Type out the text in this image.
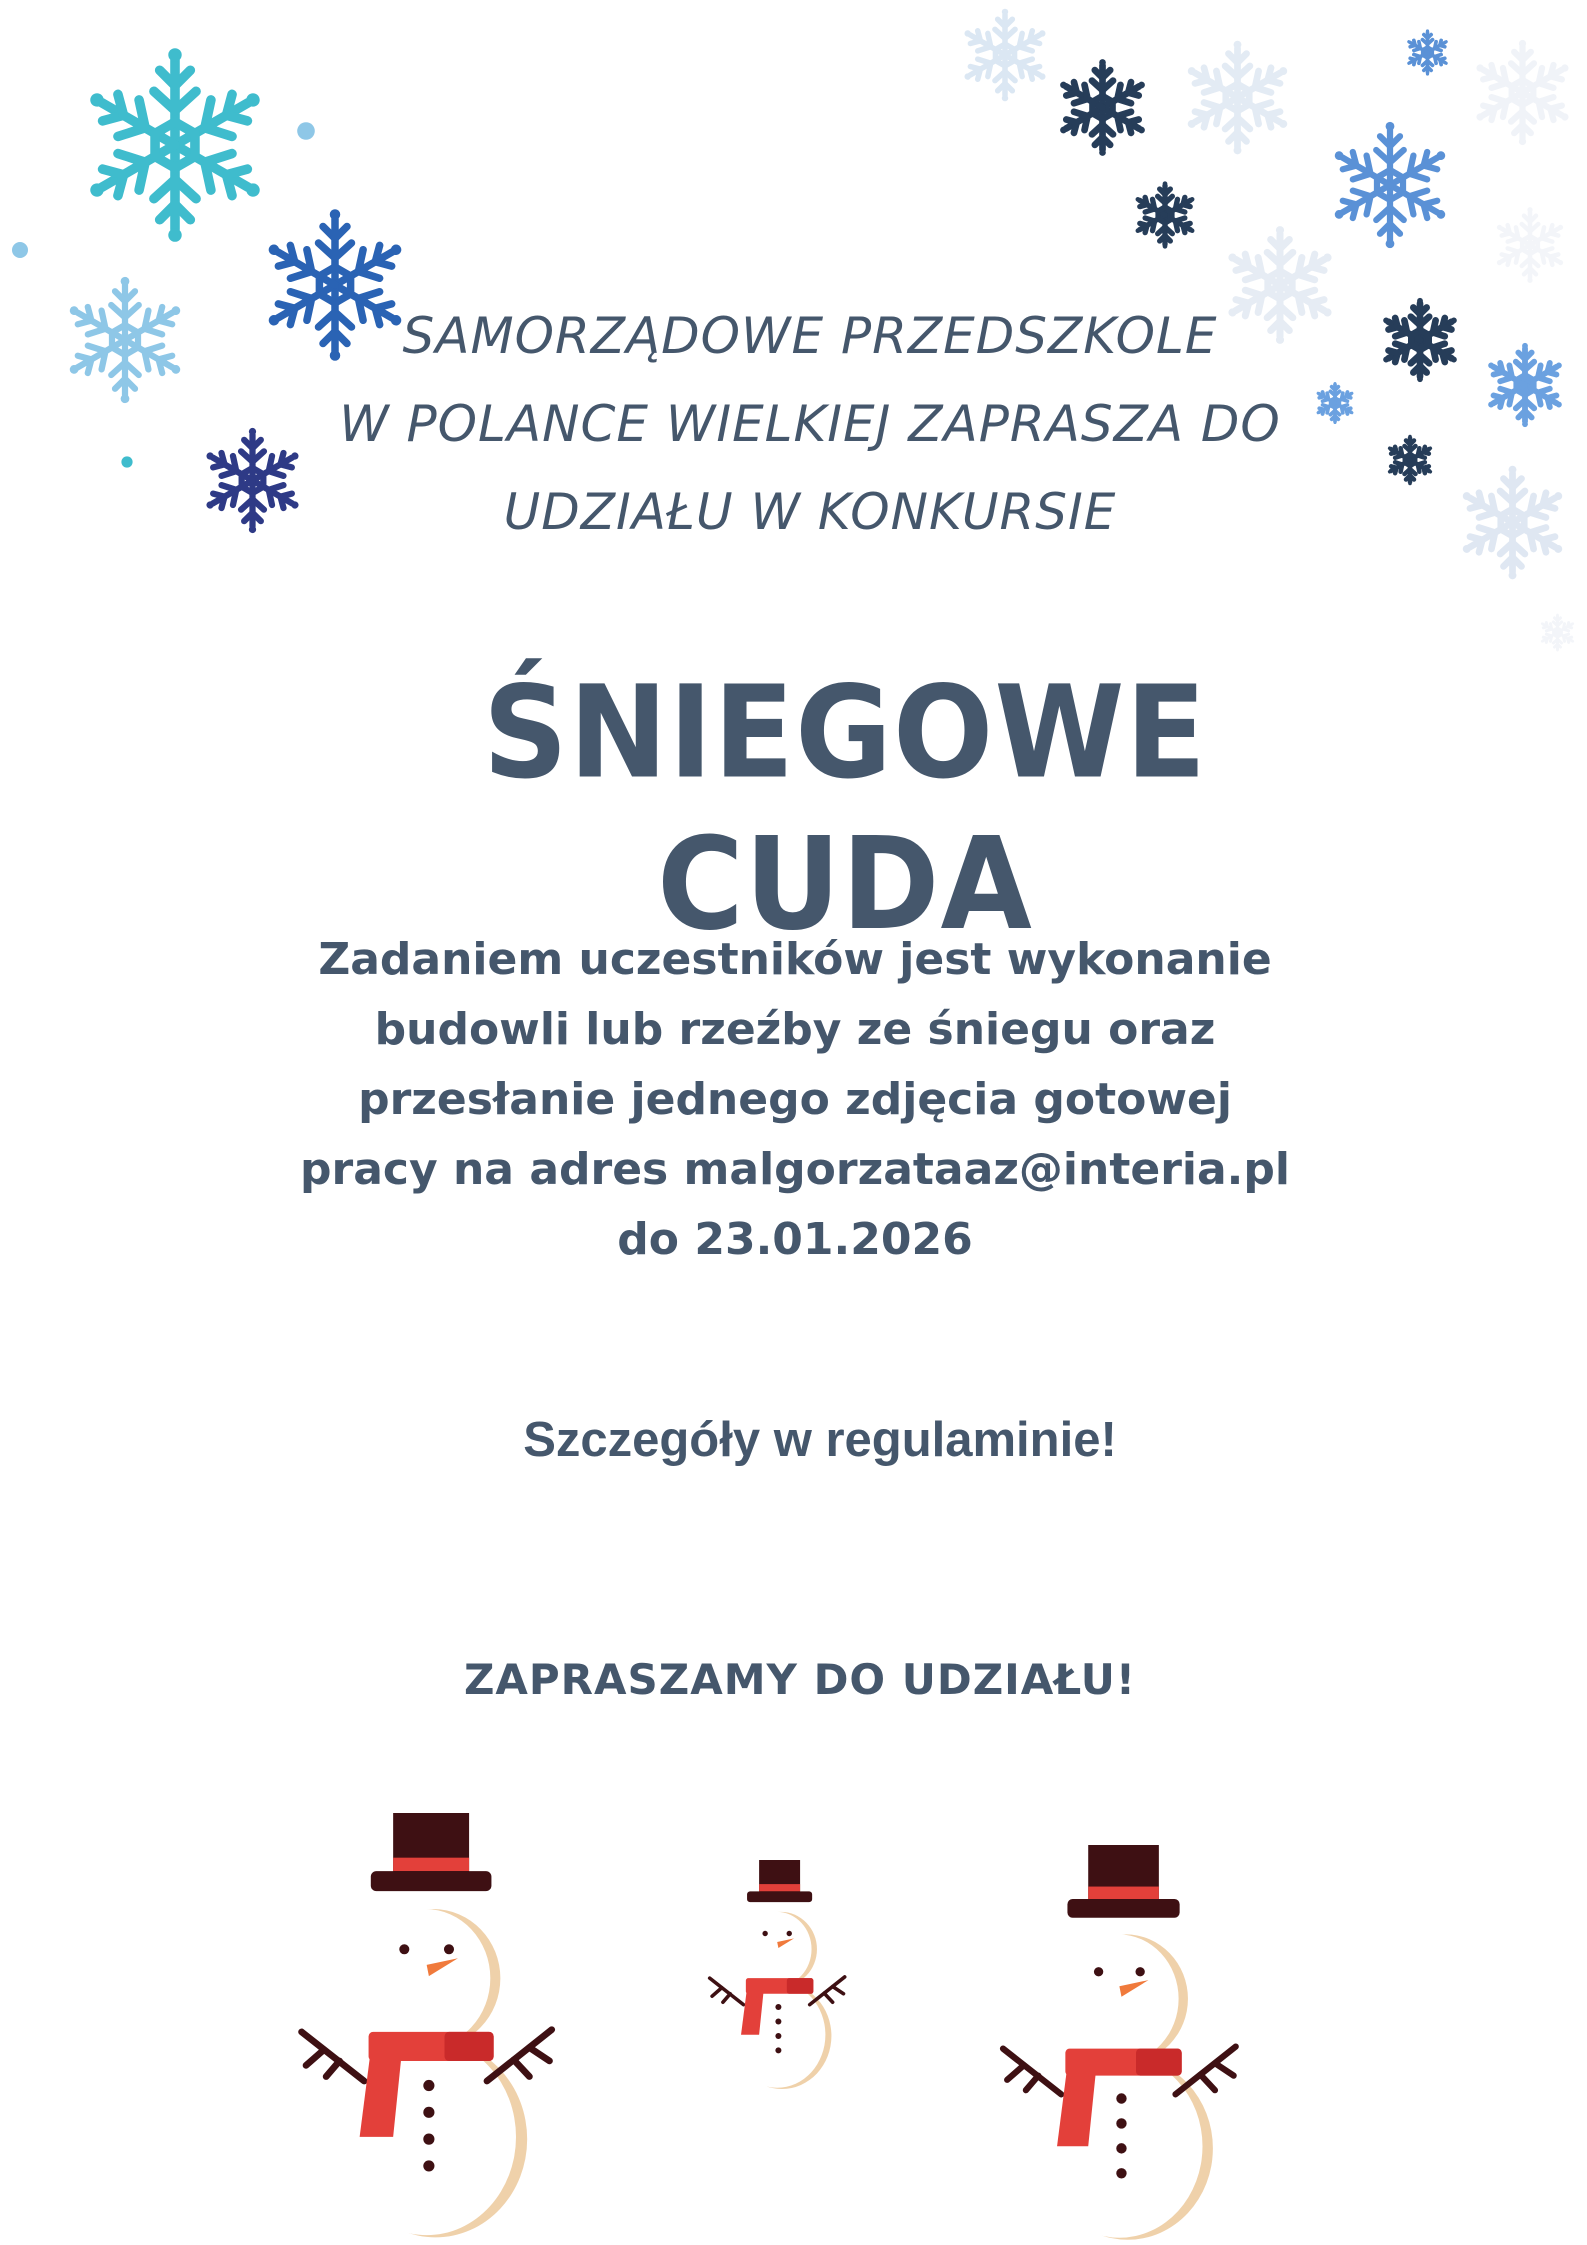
SAMORZĄDOWE PRZEDSZKOLE
W POLANCE WIELKIEJ ZAPRASZA DO
UDZIAŁU W KONKURSIE
ŚNIEGOWE CUDA
Zadaniem uczestników jest wykonanie
budowli lub rzeźby ze śniegu oraz
przesłanie jednego zdjęcia gotowej
pracy na adres malgorzataaz@interia.pl
do 23.01.2026
Szczegóły w regulaminie!
ZAPRASZAMY DO UDZIAŁU!
